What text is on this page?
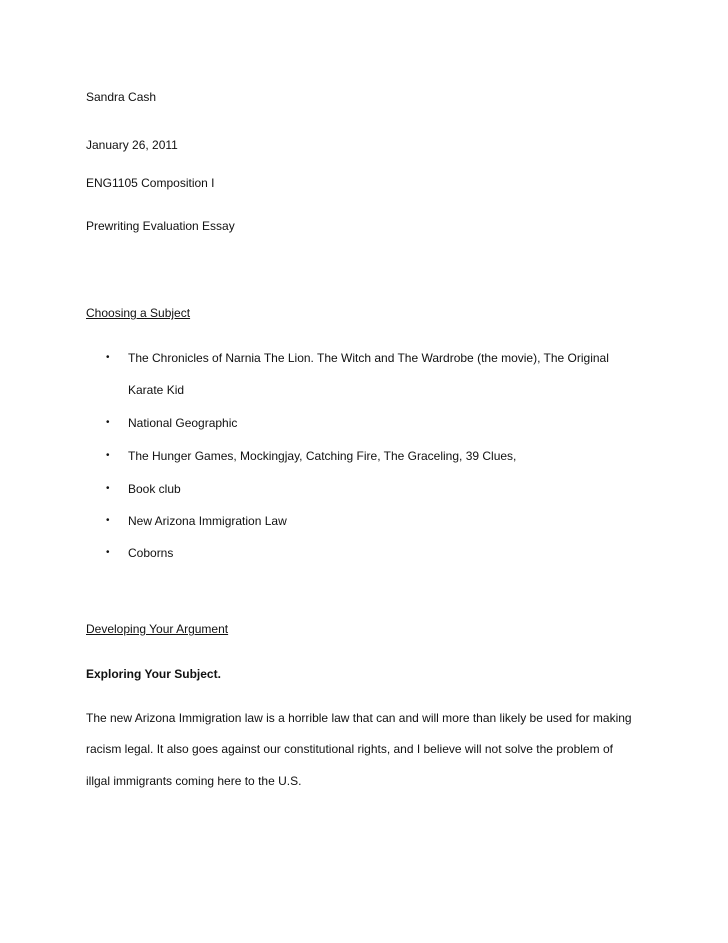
Sandra Cash
January 26, 2011
ENG1105 Composition I
Prewriting Evaluation Essay
Choosing a Subject
• The Chronicles of Narnia The Lion. The Witch and The Wardrobe (the movie), The Original
Karate Kid
• National Geographic
• The Hunger Games, Mockingjay, Catching Fire, The Graceling, 39 Clues,
• Book club
• New Arizona Immigration Law
• Coborns
Developing Your Argument
Exploring Your Subject.
The new Arizona Immigration law is a horrible law that can and will more than likely be used for making
racism legal. It also goes against our constitutional rights, and I believe will not solve the problem of
illgal immigrants coming here to the U.S.
